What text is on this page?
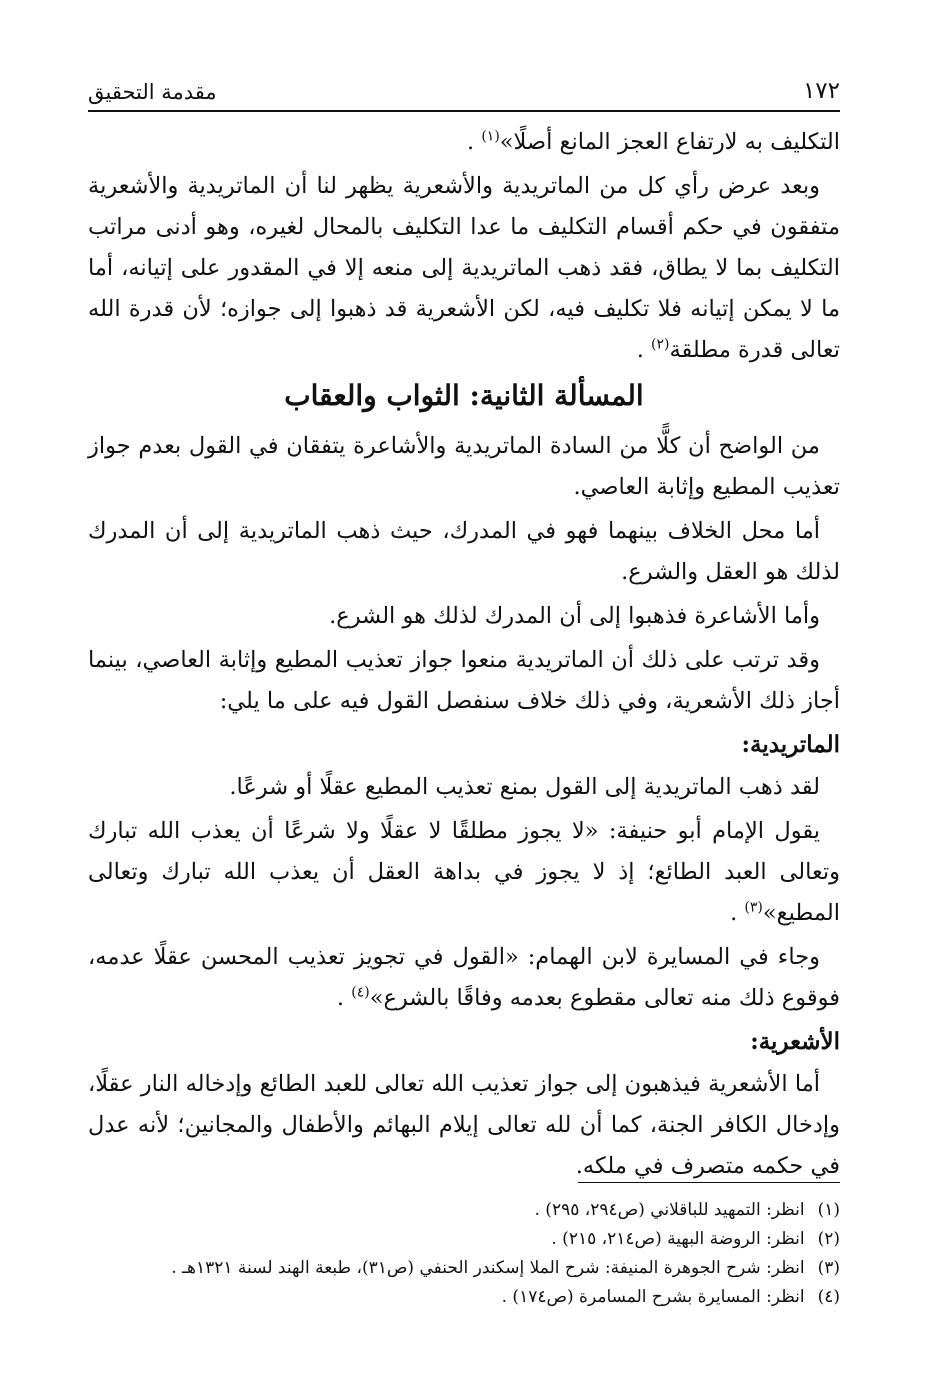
١٧٢
مقدمة التحقيق

التكليف به لارتفاع العجز المانع أصلًا»$^{(١)}$ .

وبعد عرض رأي كل من الماتريدية والأشعرية يظهر لنا أن الماتريدية والأشعرية متفقون في حكم أقسام التكليف ما عدا التكليف بالمحال لغيره، وهو أدنى مراتب التكليف بما لا يطاق، فقد ذهب الماتريدية إلى منعه إلا في المقدور على إتيانه، أما ما لا يمكن إتيانه فلا تكليف فيه، لكن الأشعرية قد ذهبوا إلى جوازه؛ لأن قدرة الله تعالى قدرة مطلقة$^{(٢)}$ .

المسألة الثانية: الثواب والعقاب

من الواضح أن كلًّا من السادة الماتريدية والأشاعرة يتفقان في القول بعدم جواز تعذيب المطيع وإثابة العاصي.

أما محل الخلاف بينهما فهو في المدرك، حيث ذهب الماتريدية إلى أن المدرك لذلك هو العقل والشرع.

وأما الأشاعرة فذهبوا إلى أن المدرك لذلك هو الشرع.

وقد ترتب على ذلك أن الماتريدية منعوا جواز تعذيب المطيع وإثابة العاصي، بينما أجاز ذلك الأشعرية، وفي ذلك خلاف سنفصل القول فيه على ما يلي:

الماتريدية:

لقد ذهب الماتريدية إلى القول بمنع تعذيب المطيع عقلًا أو شرعًا.

يقول الإمام أبو حنيفة: «لا يجوز مطلقًا لا عقلًا ولا شرعًا أن يعذب الله تبارك وتعالى العبد الطائع؛ إذ لا يجوز في بداهة العقل أن يعذب الله تبارك وتعالى المطيع»$^{(٣)}$ .

وجاء في المسايرة لابن الهمام: «القول في تجويز تعذيب المحسن عقلًا عدمه، فوقوع ذلك منه تعالى مقطوع بعدمه وفاقًا بالشرع»$^{(٤)}$ .

الأشعرية:

أما الأشعرية فيذهبون إلى جواز تعذيب الله تعالى للعبد الطائع وإدخاله النار عقلًا، وإدخال الكافر الجنة، كما أن لله تعالى إيلام البهائم والأطفال والمجانين؛ لأنه عدل في حكمه متصرف في ملكه.

(١) انظر: التمهيد للباقلاني (ص٢٩٤، ٢٩٥) .
(٢) انظر: الروضة البهية (ص٢١٤، ٢١٥) .
(٣) انظر: شرح الجوهرة المنيفة: شرح الملا إسكندر الحنفي (ص٣١)، طبعة الهند لسنة ١٣٢١هـ .
(٤) انظر: المسايرة بشرح المسامرة (ص١٧٤) .
